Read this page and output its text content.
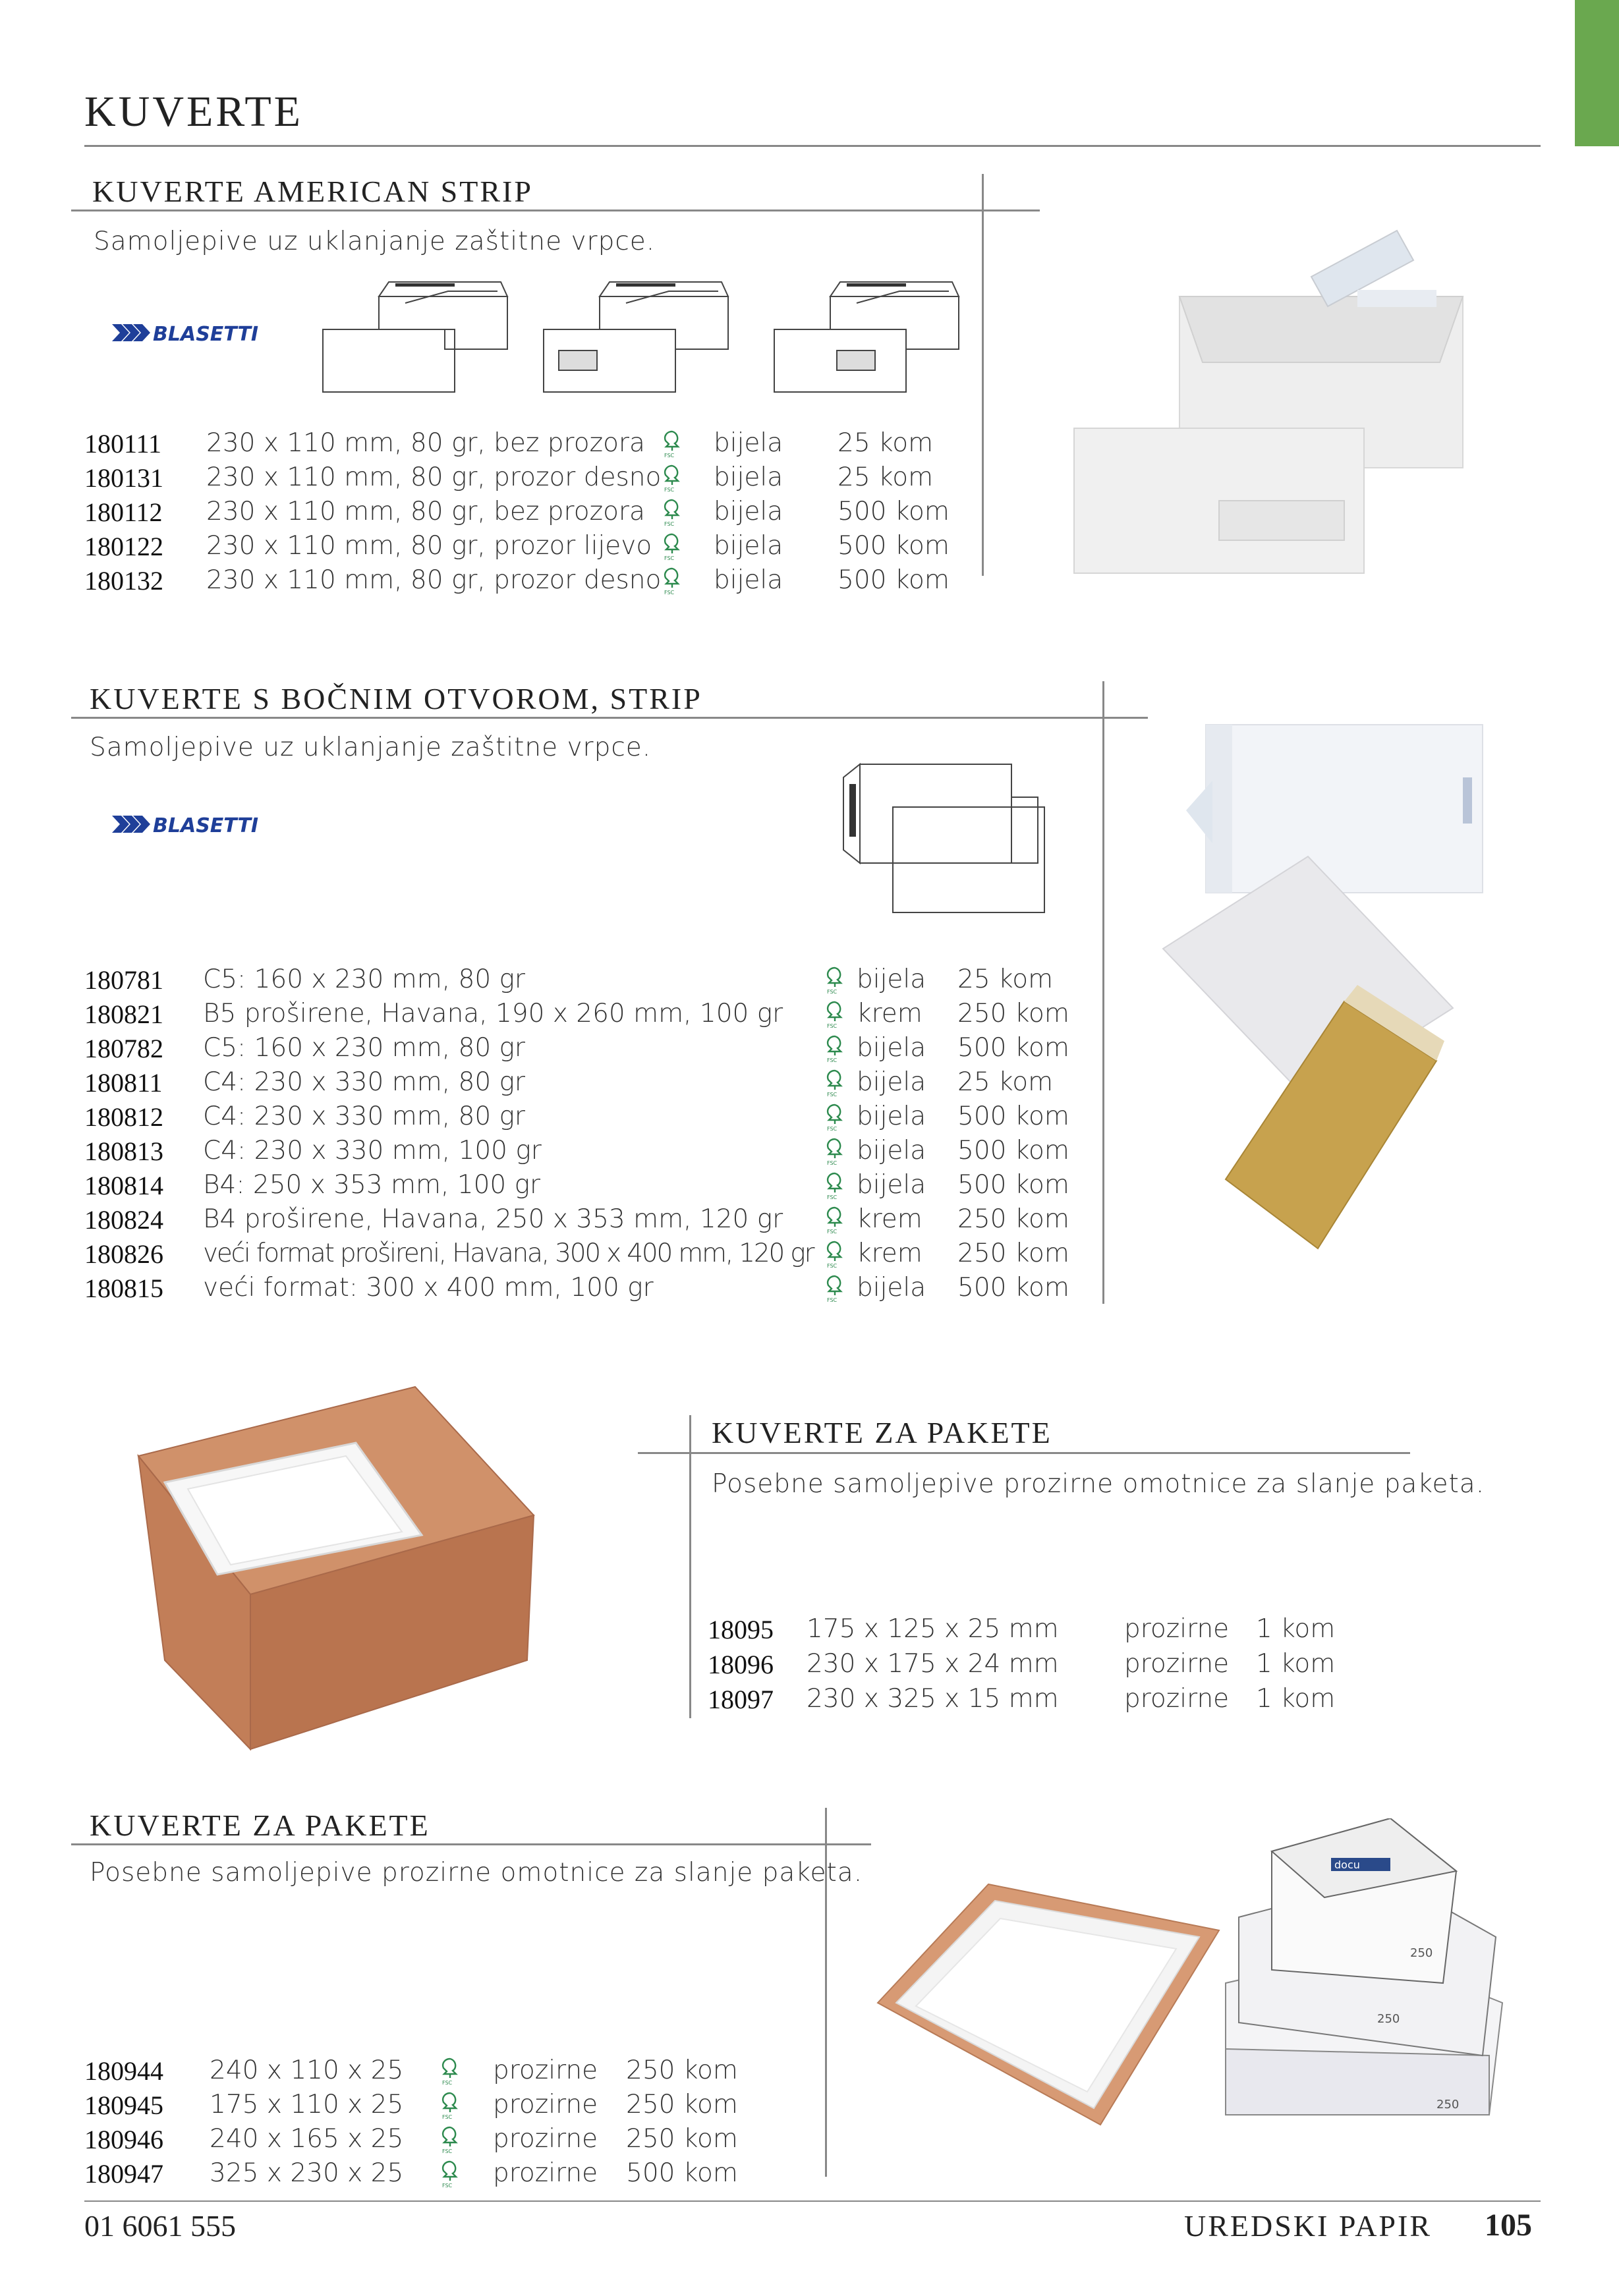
KUVERTE
KUVERTE AMERICAN STRIP
Samoljepive uz uklanjanje zaštitne vrpce.
BLASETTI
180111 230 x 110 mm, 80 gr, bez prozora	FSC bijela 25 kom
180131 230 x 110 mm, 80 gr, prozor desno FSC bijela 25 kom
180112 230 x 110 mm, 80 gr, bez prozora	FSC bijela 500 kom
180122 230 x 110 mm, 80 gr, prozor lijevo FSC bijela 500 kom
180132 230 x 110 mm, 80 gr, prozor desno FSC bijela 500 kom
KUVERTE S BOČNIM OTVOROM, STRIP
Samoljepive uz uklanjanje zaštitne vrpce.
BLASETTI
180781 C5: 160 x 230 mm, 80 gr	FSC bijela 25 kom
180821 B5 proširene, Havana, 190 x 260 mm, 100 gr	FSC krem 250 kom
180782 C5: 160 x 230 mm, 80 gr	FSC bijela 500 kom
180811 C4: 230 x 330 mm, 80 gr	FSC bijela 25 kom
180812 C4: 230 x 330 mm, 80 gr	FSC bijela 500 kom
180813 C4: 230 x 330 mm, 100 gr	FSC bijela 500 kom
180814 B4: 250 x 353 mm, 100 gr	FSC bijela 500 kom
180824 B4 proširene, Havana, 250 x 353 mm, 120 gr	FSC krem 250 kom
180826 veći format prošireni, Havana, 300 x 400 mm, 120 gr	FSC krem 250 kom
180815 veći format: 300 x 400 mm, 100 gr	FSC bijela 500 kom
KUVERTE ZA PAKETE
Posebne samoljepive prozirne omotnice za slanje paketa.
18095 175 x 125 x 25 mm	prozirne 1 kom
18096 230 x 175 x 24 mm	prozirne 1 kom
18097 230 x 325 x 15 mm	prozirne 1 kom
KUVERTE ZA PAKETE
Posebne samoljepive prozirne omotnice za slanje paketa.	docu
250
250
250
180944 240 x 110 x 25	FSC prozirne 250 kom
180945 175 x 110 x 25	FSC prozirne 250 kom
180946 240 x 165 x 25	FSC prozirne 250 kom
180947 325 x 230 x 25	FSC prozirne 500 kom
01 6061 555	UREDSKI PAPIR 105
